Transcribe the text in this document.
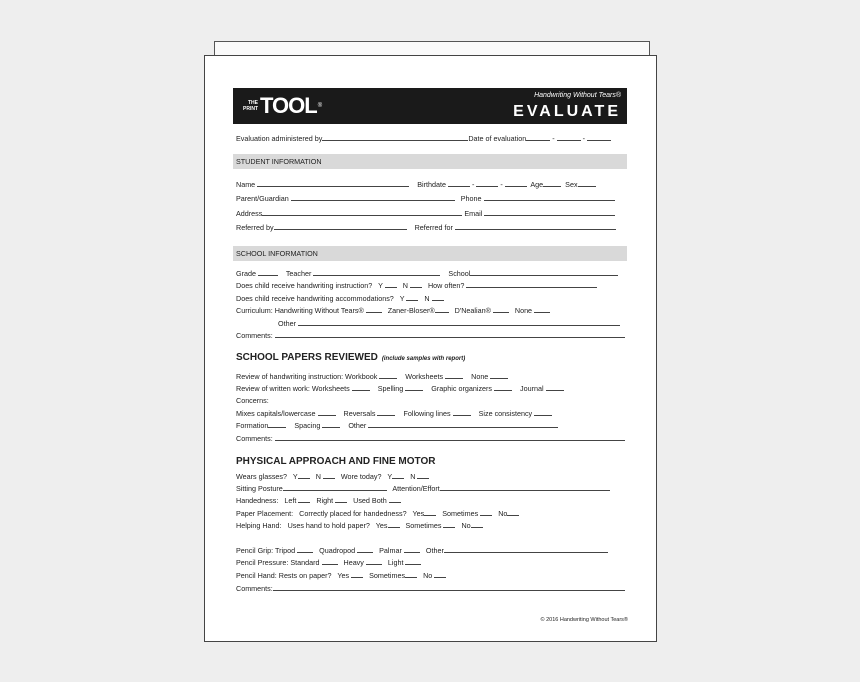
THE
PRINT TOOL ®
Handwriting Without Tears®
EVALUATE
Evaluation administered by	Date of evaluation	-	-
STUDENT INFORMATION
Name	Birthdate	-	-	Age	Sex
Parent/Guardian	Phone
Address	Email
Referred by	Referred for
SCHOOL INFORMATION
Grade	Teacher	School
Does child receive handwriting instruction? Y	N	How often?
Does child receive handwriting accommodations? Y	N
Curriculum: Handwriting Without Tears®	Zaner-Bloser®	D'Nealian®	None
Other
Comments:
SCHOOL PAPERS REVIEWED (include samples with report)
Review of handwriting instruction: Workbook	Worksheets	None
Review of written work: Worksheets	Spelling	Graphic organizers	Journal
Concerns:
Mixes capitals/lowercase	Reversals	Following lines	Size consistency
Formation	Spacing	Other
Comments:
PHYSICAL APPROACH AND FINE MOTOR
Wears glasses? Y	N	Wore today? Y	N
Sitting Posture	Attention/Effort
Handedness: Left	Right	Used Both
Paper Placement: Correctly placed for handedness? Yes	Sometimes	No
Helping Hand: Uses hand to hold paper? Yes	Sometimes	No
Pencil Grip: Tripod	Quadropod	Palmar	Other
Pencil Pressure: Standard	Heavy	Light
Pencil Hand: Rests on paper? Yes	Sometimes	No
Comments:
© 2016 Handwriting Without Tears®
